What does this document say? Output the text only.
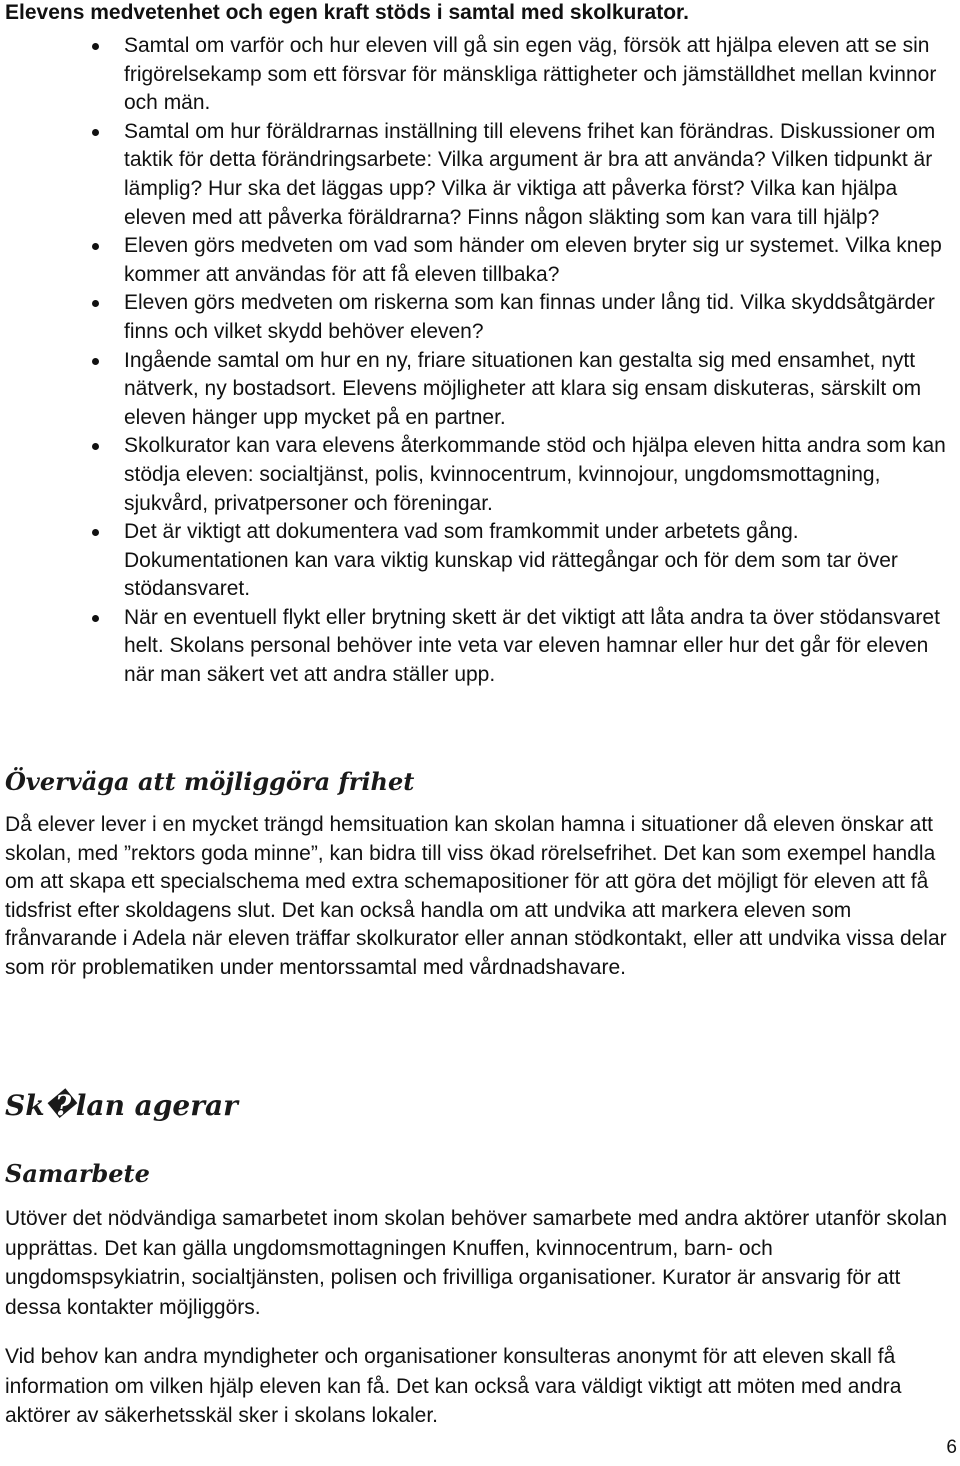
Elevens medvetenhet och egen kraft stöds i samtal med skolkurator.
Samtal om varför och hur eleven vill gå sin egen väg, försök att hjälpa eleven att se sin frigörelsekamp som ett försvar för mänskliga rättigheter och jämställdhet mellan kvinnor och män.
Samtal om hur föräldrarnas inställning till elevens frihet kan förändras. Diskussioner om taktik för detta förändringsarbete: Vilka argument är bra att använda? Vilken tidpunkt är lämplig? Hur ska det läggas upp? Vilka är viktiga att påverka först? Vilka kan hjälpa eleven med att påverka föräldrarna? Finns någon släkting som kan vara till hjälp?
Eleven görs medveten om vad som händer om eleven bryter sig ur systemet. Vilka knep kommer att användas för att få eleven tillbaka?
Eleven görs medveten om riskerna som kan finnas under lång tid. Vilka skyddsåtgärder finns och vilket skydd behöver eleven?
Ingående samtal om hur en ny, friare situationen kan gestalta sig med ensamhet, nytt nätverk, ny bostadsort. Elevens möjligheter att klara sig ensam diskuteras, särskilt om eleven hänger upp mycket på en partner.
Skolkurator kan vara elevens återkommande stöd och hjälpa eleven hitta andra som kan stödja eleven: socialtjänst, polis, kvinnocentrum, kvinnojour, ungdomsmottagning, sjukvård, privatpersoner och föreningar.
Det är viktigt att dokumentera vad som framkommit under arbetets gång. Dokumentationen kan vara viktig kunskap vid rättegångar och för dem som tar över stödansvaret.
När en eventuell flykt eller brytning skett är det viktigt att låta andra ta över stödansvaret helt. Skolans personal behöver inte veta var eleven hamnar eller hur det går för eleven när man säkert vet att andra ställer upp.
Överväga att möjliggöra frihet

Då elever lever i en mycket trängd hemsituation kan skolan hamna i situationer då eleven önskar att skolan, med ”rektors goda minne”, kan bidra till viss ökad rörelsefrihet. Det kan som exempel handla om att skapa ett specialschema med extra schemapositioner för att göra det möjligt för eleven att få tidsfrist efter skoldagens slut. Det kan också handla om att undvika att markera eleven som frånvarande i Adela när eleven träffar skolkurator eller annan stödkontakt, eller att undvika vissa delar som rör problematiken under mentorssamtal med vårdnadshavare.

Sk�lan agerar
Samarbete

Utöver det nödvändiga samarbetet inom skolan behöver samarbete med andra aktörer utanför skolan upprättas. Det kan gälla ungdomsmottagningen Knuffen, kvinnocentrum, barn- och ungdomspsykiatrin, socialtjänsten, polisen och frivilliga organisationer. Kurator är ansvarig för att dessa kontakter möjliggörs.

Vid behov kan andra myndigheter och organisationer konsulteras anonymt för att eleven skall få information om vilken hjälp eleven kan få. Det kan också vara väldigt viktigt att möten med andra aktörer av säkerhetsskäl sker i skolans lokaler.

6
